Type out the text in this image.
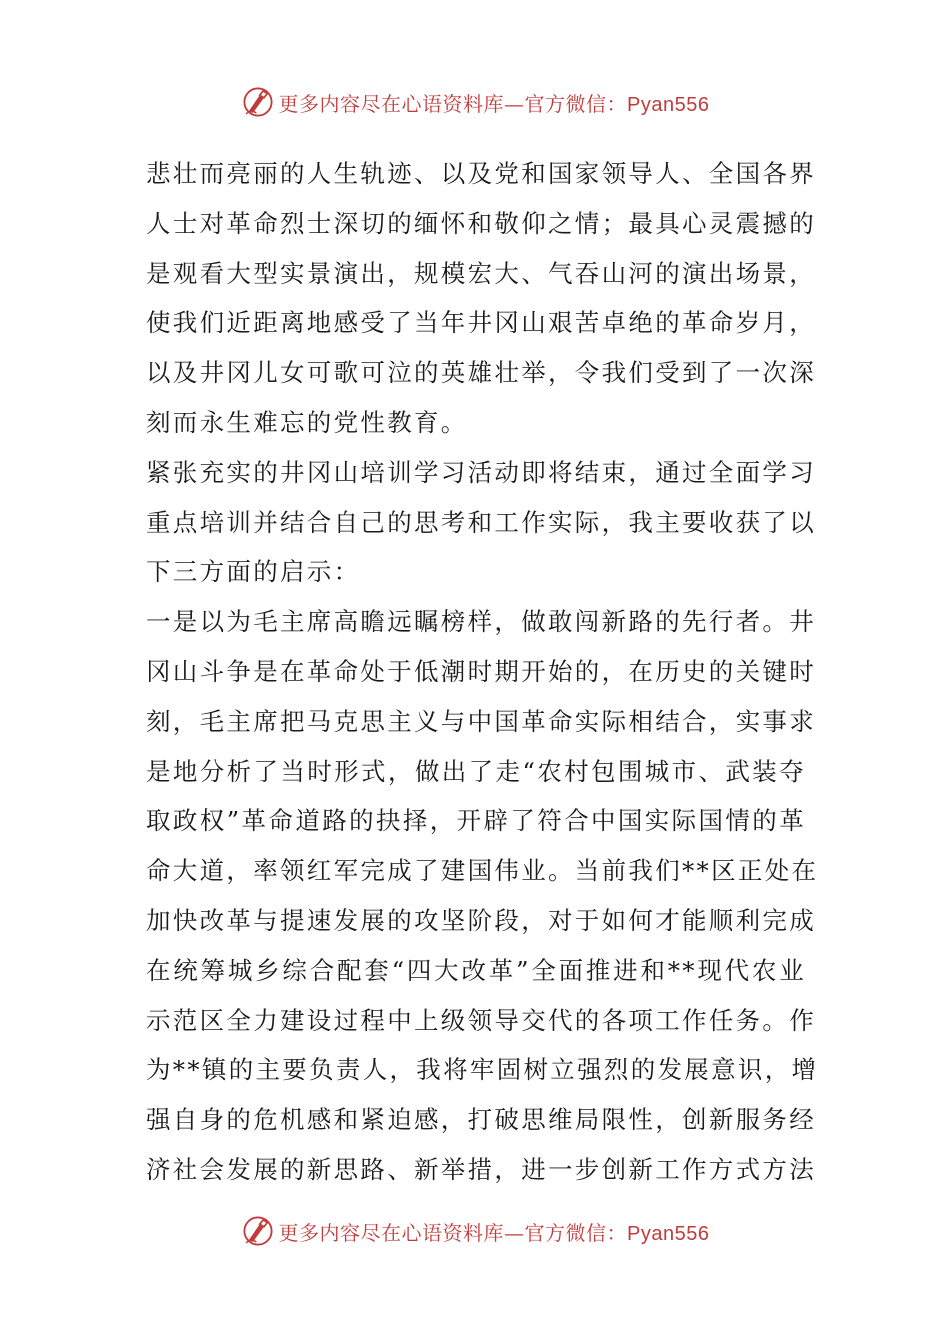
更多内容尽在心语资料库—官方微信：Pyan556
悲壮而亮丽的人生轨迹、以及党和国家领导人、全国各界
人士对革命烈士深切的缅怀和敬仰之情；最具心灵震撼的
是观看大型实景演出，规模宏大、气吞山河的演出场景，
使我们近距离地感受了当年井冈山艰苦卓绝的革命岁月，
以及井冈儿女可歌可泣的英雄壮举，令我们受到了一次深
刻而永生难忘的党性教育。
紧张充实的井冈山培训学习活动即将结束，通过全面学习
重点培训并结合自己的思考和工作实际，我主要收获了以
下三方面的启示：
一是以为毛主席高瞻远瞩榜样，做敢闯新路的先行者。井
冈山斗争是在革命处于低潮时期开始的，在历史的关键时
刻，毛主席把马克思主义与中国革命实际相结合，实事求
是地分析了当时形式，做出了走“农村包围城市、武装夺
取政权”革命道路的抉择，开辟了符合中国实际国情的革
命大道，率领红军完成了建国伟业。当前我们**区正处在
加快改革与提速发展的攻坚阶段，对于如何才能顺利完成
在统筹城乡综合配套“四大改革”全面推进和**现代农业
示范区全力建设过程中上级领导交代的各项工作任务。作
为**镇的主要负责人，我将牢固树立强烈的发展意识，增
强自身的危机感和紧迫感，打破思维局限性，创新服务经
济社会发展的新思路、新举措，进一步创新工作方式方法
更多内容尽在心语资料库—官方微信：Pyan556
